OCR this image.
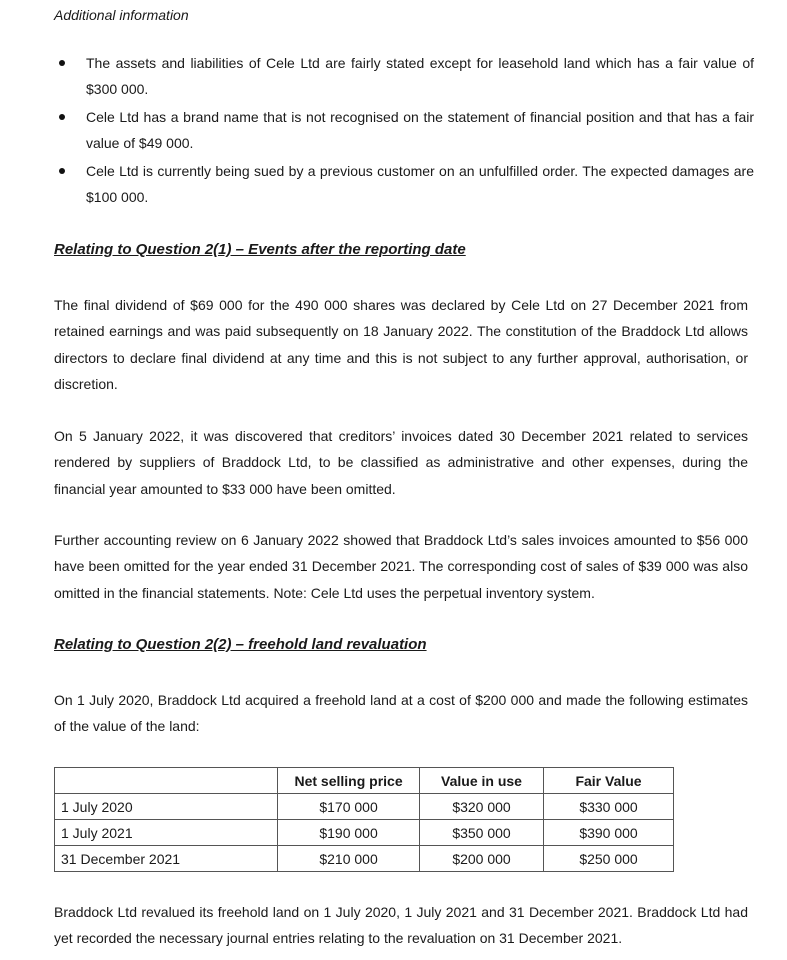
Additional information
The assets and liabilities of Cele Ltd are fairly stated except for leasehold land which has a fair value of $300 000.
Cele Ltd has a brand name that is not recognised on the statement of financial position and that has a fair value of $49 000.
Cele Ltd is currently being sued by a previous customer on an unfulfilled order. The expected damages are $100 000.
Relating to Question 2(1) – Events after the reporting date

The final dividend of $69 000 for the 490 000 shares was declared by Cele Ltd on 27 December 2021 from retained earnings and was paid subsequently on 18 January 2022. The constitution of the Braddock Ltd allows directors to declare final dividend at any time and this is not subject to any further approval, authorisation, or discretion.

On 5 January 2022, it was discovered that creditors’ invoices dated 30 December 2021 related to services rendered by suppliers of Braddock Ltd, to be classified as administrative and other expenses, during the financial year amounted to $33 000 have been omitted.

Further accounting review on 6 January 2022 showed that Braddock Ltd’s sales invoices amounted to $56 000 have been omitted for the year ended 31 December 2021. The corresponding cost of sales of $39 000 was also omitted in the financial statements. Note: Cele Ltd uses the perpetual inventory system.

Relating to Question 2(2) – freehold land revaluation

On 1 July 2020, Braddock Ltd acquired a freehold land at a cost of $200 000 and made the following estimates of the value of the land:

	Net selling price	Value in use	Fair Value
1 July 2020	$170 000	$320 000	$330 000
1 July 2021	$190 000	$350 000	$390 000
31 December 2021	$210 000	$200 000	$250 000

Braddock Ltd revalued its freehold land on 1 July 2020, 1 July 2021 and 31 December 2021. Braddock Ltd had yet recorded the necessary journal entries relating to the revaluation on 31 December 2021.
